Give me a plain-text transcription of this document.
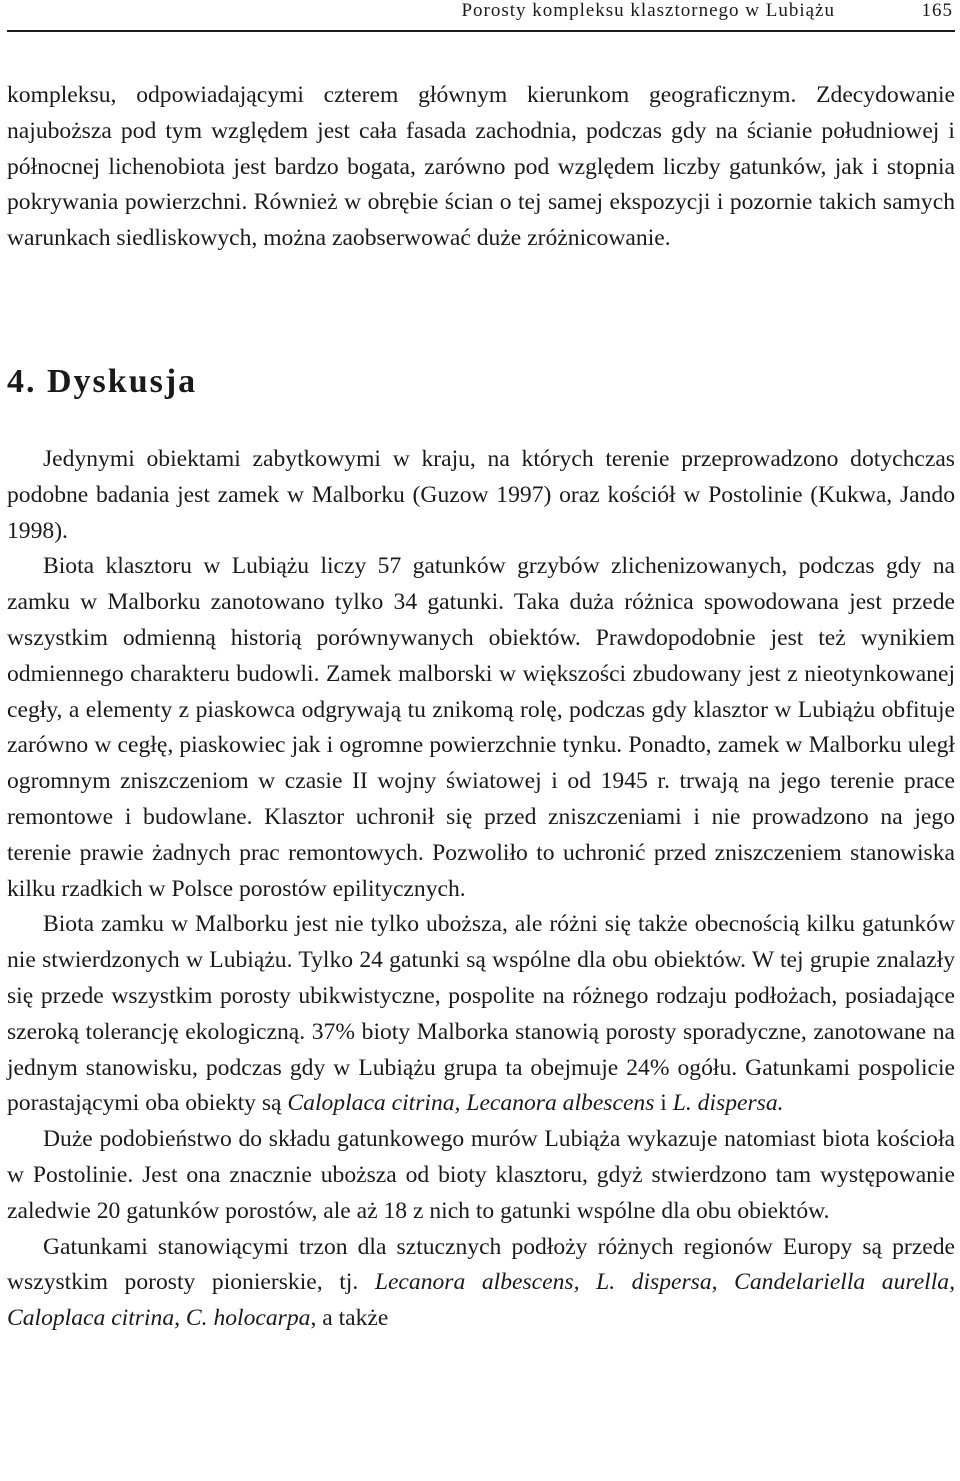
Porosty kompleksu klasztornego w Lubiążu	165

kompleksu, odpowiadającymi czterem głównym kierunkom geograficznym. Zdecydowanie najuboższa pod tym względem jest cała fasada zachodnia, podczas gdy na ścianie południowej i północnej lichenobiota jest bardzo bogata, zarówno pod względem liczby gatunków, jak i stopnia pokrywania powierzchni. Również w obrębie ścian o tej samej ekspozycji i pozornie takich samych warunkach siedliskowych, można zaobserwować duże zróżnicowanie.

4. Dyskusja

Jedynymi obiektami zabytkowymi w kraju, na których terenie przeprowadzono dotychczas podobne badania jest zamek w Malborku (Guzow 1997) oraz kościół w Postolinie (Kukwa, Jando 1998).

Biota klasztoru w Lubiążu liczy 57 gatunków grzybów zlichenizowanych, podczas gdy na zamku w Malborku zanotowano tylko 34 gatunki. Taka duża różnica spowodowana jest przede wszystkim odmienną historią porównywanych obiektów. Prawdopodobnie jest też wynikiem odmiennego charakteru budowli. Zamek malborski w większości zbudowany jest z nieotynkowanej cegły, a elementy z piaskowca odgrywają tu znikomą rolę, podczas gdy klasztor w Lubiążu obfituje zarówno w cegłę, piaskowiec jak i ogromne powierzchnie tynku. Ponadto, zamek w Malborku uległ ogromnym zniszczeniom w czasie II wojny światowej i od 1945 r. trwają na jego terenie prace remontowe i budowlane. Klasztor uchronił się przed zniszczeniami i nie prowadzono na jego terenie prawie żadnych prac remontowych. Pozwoliło to uchronić przed zniszczeniem stanowiska kilku rzadkich w Polsce porostów epilitycznych.

Biota zamku w Malborku jest nie tylko uboższa, ale różni się także obecnością kilku gatunków nie stwierdzonych w Lubiążu. Tylko 24 gatunki są wspólne dla obu obiektów. W tej grupie znalazły się przede wszystkim porosty ubikwistyczne, pospolite na różnego rodzaju podłożach, posiadające szeroką tolerancję ekologiczną. 37% bioty Malborka stanowią porosty sporadyczne, zanotowane na jednym stanowisku, podczas gdy w Lubiążu grupa ta obejmuje 24% ogółu. Gatunkami pospolicie porastającymi oba obiekty są Caloplaca citrina, Lecanora albescens i L. dispersa.

Duże podobieństwo do składu gatunkowego murów Lubiąża wykazuje natomiast biota kościoła w Postolinie. Jest ona znacznie uboższa od bioty klasztoru, gdyż stwierdzono tam występowanie zaledwie 20 gatunków porostów, ale aż 18 z nich to gatunki wspólne dla obu obiektów.

Gatunkami stanowiącymi trzon dla sztucznych podłoży różnych regionów Europy są przede wszystkim porosty pionierskie, tj. Lecanora albescens, L. dispersa, Candelariella aurella, Caloplaca citrina, C. holocarpa, a także
